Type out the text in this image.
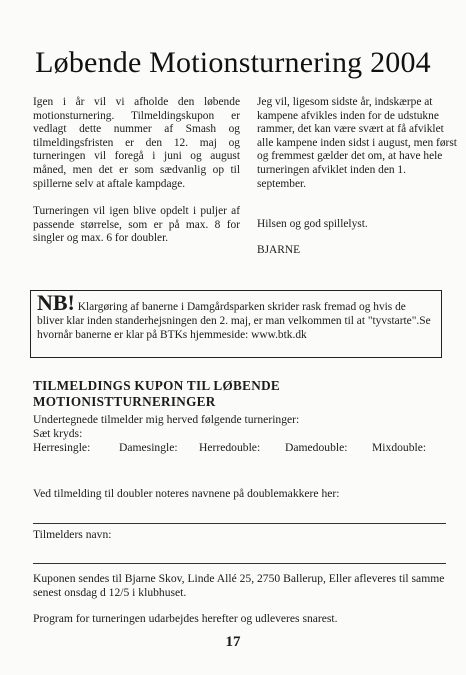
Løbende Motionsturnering 2004

Igen i år vil vi afholde den løbende motionsturnering. Tilmeldingskupon er vedlagt dette nummer af Smash og tilmeldingsfristen er den 12. maj og turneringen vil foregå i juni og august måned, men det er som sædvanlig op til spillerne selv at aftale kampdage.

Turneringen vil igen blive opdelt i puljer af passende størrelse, som er på max. 8 for singler og max. 6 for doubler.

Jeg vil, ligesom sidste år, indskærpe at kampene afvikles inden for de udstukne rammer, det kan være svært at få afviklet alle kampene inden sidst i august, men først og fremmest gælder det om, at have hele turneringen afviklet inden den 1. september.

Hilsen og god spillelyst.

BJARNE

NB! Klargøring af banerne i Damgårdsparken skrider rask fremad og hvis de bliver klar inden standerhejsningen den 2. maj, er man velkommen til at "tyvstarte".Se hvornår banerne er klar på BTKs hjemmeside: www.btk.dk
TILMELDINGS KUPON TIL LØBENDE MOTIONISTTURNERINGER
Undertegnede tilmelder mig herved følgende turneringer:
Sæt kryds:
Herresingle: Damesingle: Herredouble: Damedouble: Mixdouble:
Ved tilmelding til doubler noteres navnene på doublemakkere her:
Tilmelders navn:
Kuponen sendes til Bjarne Skov, Linde Allé 25, 2750 Ballerup, Eller afleveres til samme senest onsdag d 12/5 i klubhuset.
Program for turneringen udarbejdes herefter og udleveres snarest.
17
